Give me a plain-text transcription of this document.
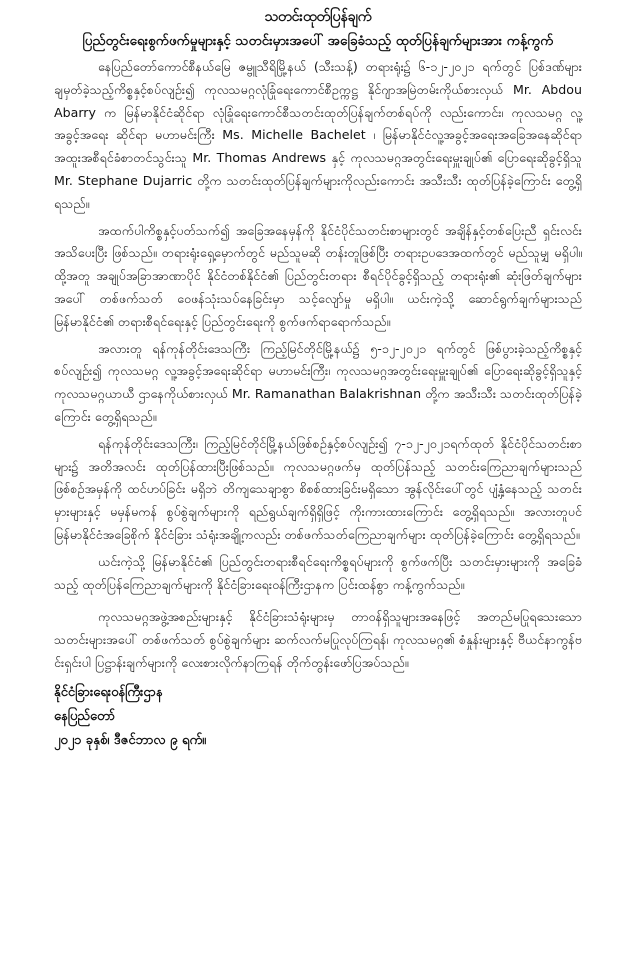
သတင်းထုတ်ပြန်ချက်
ပြည်တွင်းရေးစွက်ဖက်မှုများနှင့် သတင်းမှားအပေါ် အခြေခံသည့် ထုတ်ပြန်ချက်များအား ကန့်ကွက်

နေပြည်တော်ကောင်စီနယ်မြေ ဇမ္ဗူသီရိမြို့နယ် (သီးသန့်) တရားရုံး၌ ၆-၁၂-၂၀၂၁ ရက်တွင် ပြစ်ဒဏ်များချမှတ်ခဲ့သည့်ကိစ္စနှင့်စပ်လျဉ်း၍ ကုလသမဂ္ဂလုံခြုံရေးကောင်စီဥက္ကဋ္ဌ နိုင်ဂျာအမြဲတမ်းကိုယ်စားလှယ် Mr. Abdou Abarry က မြန်မာနိုင်ငံဆိုင်ရာ လုံခြုံရေးကောင်စီသတင်းထုတ်ပြန်ချက်တစ်ရပ်ကို လည်းကောင်း၊ ကုလသမဂ္ဂ လူ့အခွင့်အရေး ဆိုင်ရာ မဟာမင်းကြီး Ms. Michelle Bachelet ၊ မြန်မာနိုင်ငံလူ့အခွင့်အရေးအခြေအနေဆိုင်ရာ အထူးအစီရင်ခံစာတင်သွင်းသူ Mr. Thomas Andrews နှင့် ကုလသမဂ္ဂအတွင်းရေးမှူးချုပ်၏ ပြောရေးဆိုခွင့်ရှိသူ Mr. Stephane Dujarric တို့က သတင်းထုတ်ပြန်ချက်များကိုလည်းကောင်း အသီးသီး ထုတ်ပြန်ခဲ့ကြောင်း တွေ့ရှိရသည်။

အထက်ပါကိစ္စနှင့်ပတ်သက်၍ အခြေအနေမှန်ကို နိုင်ငံပိုင်သတင်းစာများတွင် အချိန်နှင့်တစ်ပြေးညီ ရှင်းလင်းအသိပေးပြီး ဖြစ်သည်။ တရားရုံးရှေ့မှောက်တွင် မည်သူမဆို တန်းတူဖြစ်ပြီး တရားဥပဒေအထက်တွင် မည်သူမျှ မရှိပါ။ ထို့အတူ အချုပ်အခြာအာဏာပိုင် နိုင်ငံတစ်နိုင်ငံ၏ ပြည်တွင်းတရား စီရင်ပိုင်ခွင့်ရှိသည့် တရားရုံး၏ ဆုံးဖြတ်ချက်များအပေါ် တစ်ဖက်သတ် ဝေဖန်သုံးသပ်နေခြင်းမှာ သင့်လျော်မှု မရှိပါ။ ယင်းကဲ့သို့ ဆောင်ရွက်ချက်များသည် မြန်မာနိုင်ငံ၏ တရားစီရင်ရေးနှင့် ပြည်တွင်းရေးကို စွက်ဖက်ရာရောက်သည်။

အလားတူ ရန်ကုန်တိုင်းဒေသကြီး ကြည့်မြင်တိုင်မြို့နယ်၌ ၅-၁၂-၂၀၂၁ ရက်တွင် ဖြစ်ပွားခဲ့သည့်ကိစ္စနှင့်စပ်လျဉ်း၍ ကုလသမဂ္ဂ လူ့အခွင့်အရေးဆိုင်ရာ မဟာမင်းကြီး၊ ကုလသမဂ္ဂအတွင်းရေးမှူးချုပ်၏ ပြောရေးဆိုခွင့်ရှိသူနှင့် ကုလသမဂ္ဂယာယီ ဌာနေကိုယ်စားလှယ် Mr. Ramanathan Balakrishnan တို့က အသီးသီး သတင်းထုတ်ပြန်ခဲ့ကြောင်း တွေ့ရှိရသည်။

ရန်ကုန်တိုင်းဒေသကြီး၊ ကြည့်မြင်တိုင်မြို့နယ်ဖြစ်စဉ်နှင့်စပ်လျဉ်း၍ ၇-၁၂-၂၀၂၁ရက်ထုတ် နိုင်ငံပိုင်သတင်းစာများ၌ အတိအလင်း ထုတ်ပြန်ထားပြီးဖြစ်သည်။ ကုလသမဂ္ဂဖက်မှ ထုတ်ပြန်သည့် သတင်းကြေညာချက်များသည် ဖြစ်စဉ်အမှန်ကို ထင်ဟပ်ခြင်း မရှိဘဲ တိကျသေချာစွာ စိစစ်ထားခြင်းမရှိသော အွန်လိုင်းပေါ်တွင် ပျံ့နှံ့နေသည့် သတင်းမှားများနှင့် မမှန်မကန် စွပ်စွဲချက်များကို ရည်ရွယ်ချက်ရှိရှိဖြင့် ကိုးကားထားကြောင်း တွေ့ရှိရသည်။ အလားတူပင် မြန်မာနိုင်ငံအခြေစိုက် နိုင်ငံခြား သံရုံးအချို့ကလည်း တစ်ဖက်သတ်ကြေညာချက်များ ထုတ်ပြန်ခဲ့ကြောင်း တွေ့ရှိရသည်။

ယင်းကဲ့သို့ မြန်မာနိုင်ငံ၏ ပြည်တွင်းတရားစီရင်ရေးကိစ္စရပ်များကို စွက်ဖက်ပြီး သတင်းမှားများကို အခြေခံသည့် ထုတ်ပြန်ကြေညာချက်များကို နိုင်ငံခြားရေးဝန်ကြီးဌာနက ပြင်းထန်စွာ ကန့်ကွက်သည်။

ကုလသမဂ္ဂအဖွဲ့အစည်းများနှင့် နိုင်ငံခြားသံရုံးများမှ တာဝန်ရှိသူများအနေဖြင့် အတည်မပြုရသေးသော သတင်းများအပေါ် တစ်ဖက်သတ် စွပ်စွဲချက်များ ဆက်လက်မပြုလုပ်ကြရန်၊ ကုလသမဂ္ဂ၏ စံနှုန်းများနှင့် ဗီယင်နာကွန်ဗင်းရှင်းပါ ပြဋ္ဌာန်းချက်များကို လေးစားလိုက်နာကြရန် တိုက်တွန်းဖော်ပြအပ်သည်။

နိုင်ငံခြားရေးဝန်ကြီးဌာန
နေပြည်တော်
၂၀၂၁ ခုနှစ်၊ ဒီဇင်ဘာလ ၉ ရက်။
